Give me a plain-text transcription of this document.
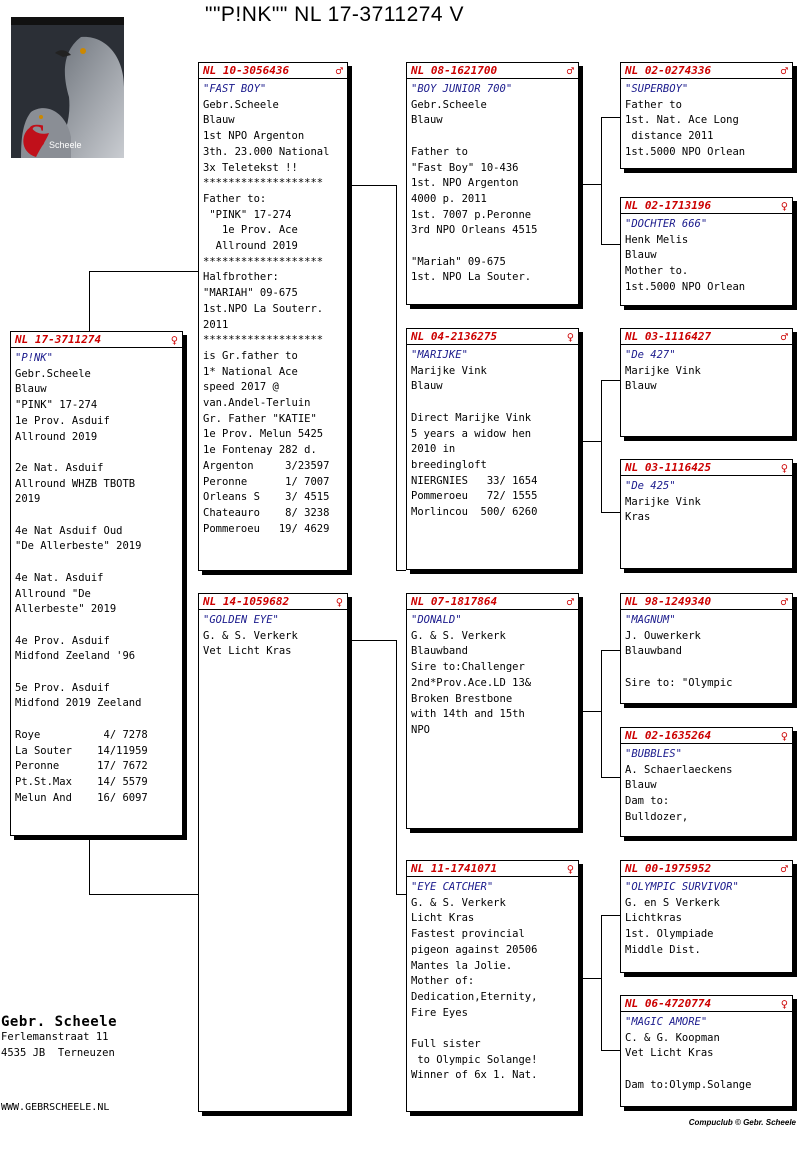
""P!NK"" NL 17-3711274 V
S Scheele
NL 17-3711274	♀
"P!NK"
Gebr.Scheele
Blauw
"PINK" 17-274
1e Prov. Asduif
Allround 2019

2e Nat. Asduif
Allround WHZB TBOTB
2019

4e Nat Asduif Oud
"De Allerbeste" 2019

4e Nat. Asduif
Allround "De
Allerbeste" 2019

4e Prov. Asduif
Midfond Zeeland '96

5e Prov. Asduif
Midfond 2019 Zeeland

Roye          4/ 7278
La Souter    14/11959
Peronne      17/ 7672
Pt.St.Max    14/ 5579
Melun And    16/ 6097
NL 10-3056436	♂
"FAST BOY"
Gebr.Scheele
Blauw
1st NPO Argenton
3th. 23.000 National
3x Teletekst !!
*******************
Father to:
"PINK" 17-274
1e Prov. Ace
Allround 2019
*******************
Halfbrother:
"MARIAH" 09-675
1st.NPO La Souterr.
2011
*******************
is Gr.father to
1* National Ace
speed 2017 @
van.Andel-Terluin
Gr. Father "KATIE"
1e Prov. Melun 5425
1e Fontenay 282 d.
Argenton     3/23597
Peronne      1/ 7007
Orleans S    3/ 4515
Chateauro    8/ 3238
Pommeroeu   19/ 4629
NL 14-1059682	♀
"GOLDEN EYE"
G. & S. Verkerk
Vet Licht Kras
NL 08-1621700	♂
"BOY JUNIOR 700"
Gebr.Scheele
Blauw

Father to
"Fast Boy" 10-436
1st. NPO Argenton
4000 p. 2011
1st. 7007 p.Peronne
3rd NPO Orleans 4515

"Mariah" 09-675
1st. NPO La Souter.
NL 04-2136275	♀
"MARIJKE"
Marijke Vink
Blauw

Direct Marijke Vink
5 years a widow hen
2010 in
breedingloft
NIERGNIES   33/ 1654
Pommeroeu   72/ 1555
Morlincou  500/ 6260
NL 07-1817864	♂
"DONALD"
G. & S. Verkerk
Blauwband
Sire to:Challenger
2nd*Prov.Ace.LD 13&
Broken Brestbone
with 14th and 15th
NPO
NL 11-1741071	♀
"EYE CATCHER"
G. & S. Verkerk
Licht Kras
Fastest provincial
pigeon against 20506
Mantes la Jolie.
Mother of:
Dedication,Eternity,
Fire Eyes

Full sister
to Olympic Solange!
Winner of 6x 1. Nat.
NL 02-0274336	♂
"SUPERBOY"
Father to
1st. Nat. Ace Long
distance 2011
1st.5000 NPO Orlean
NL 02-1713196	♀
"DOCHTER 666"
Henk Melis
Blauw
Mother to.
1st.5000 NPO Orlean
NL 03-1116427	♂
"De 427"
Marijke Vink
Blauw
NL 03-1116425	♀
"De 425"
Marijke Vink
Kras
NL 98-1249340	♂
"MAGNUM"
J. Ouwerkerk
Blauwband

Sire to: "Olympic
NL 02-1635264	♀
"BUBBLES"
A. Schaerlaeckens
Blauw
Dam to:
Bulldozer,
NL 00-1975952	♂
"OLYMPIC SURVIVOR"
G. en S Verkerk
Lichtkras
1st. Olympiade
Middle Dist.
NL 06-4720774	♀
"MAGIC AMORE"
C. & G. Koopman
Vet Licht Kras

Dam to:Olymp.Solange
Gebr. Scheele
Ferlemanstraat 11
4535 JB  Terneuzen
WWW.GEBRSCHEELE.NL
Compuclub © Gebr. Scheele
